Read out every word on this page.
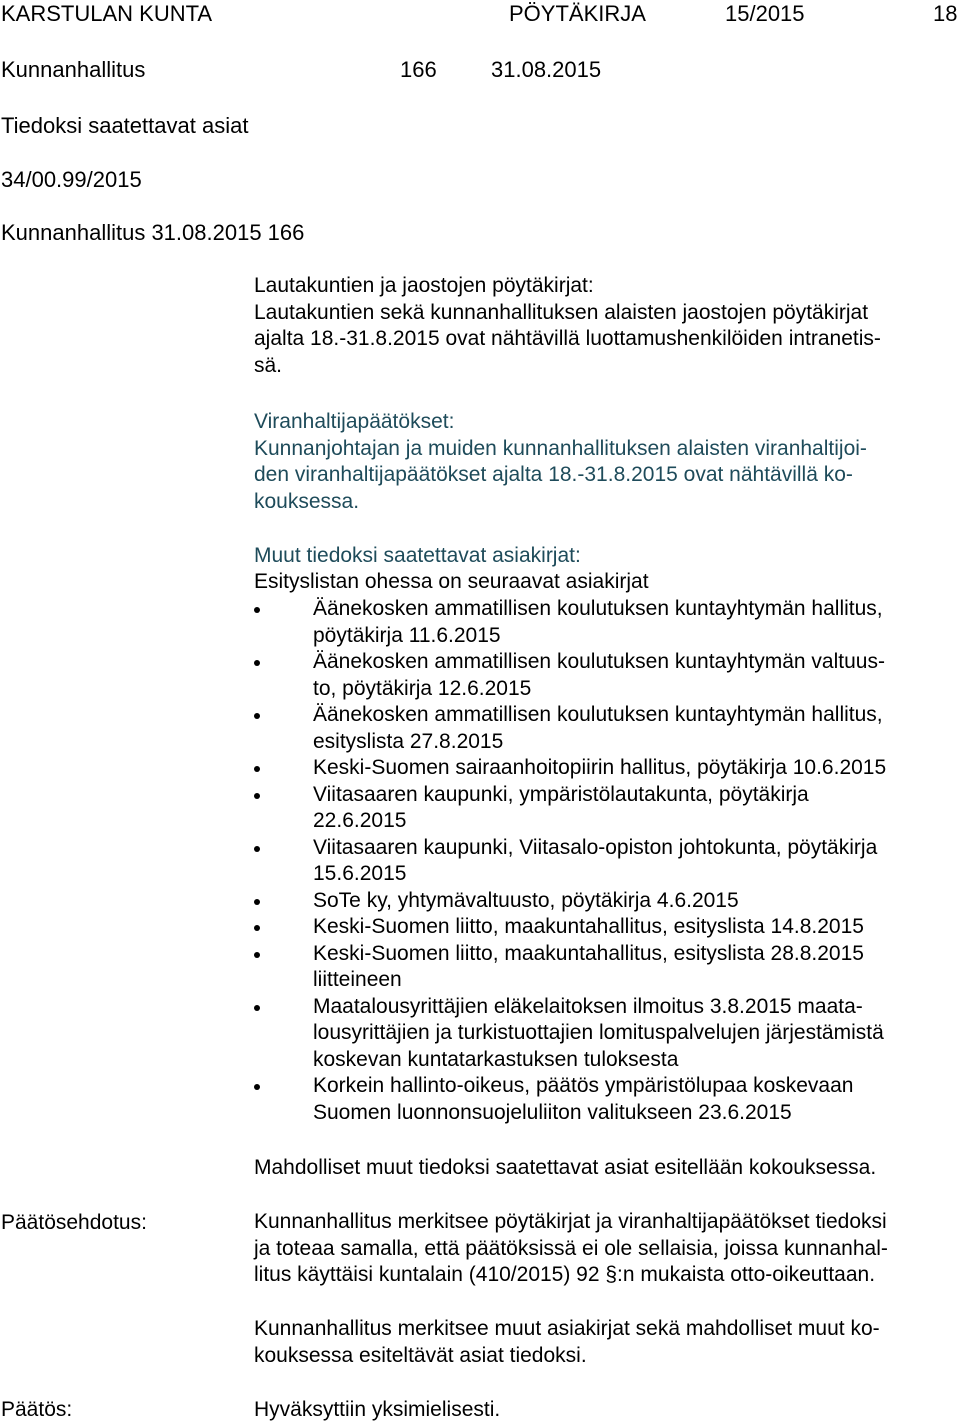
KARSTULAN KUNTA	PÖYTÄKIRJA	15/2015	18
Kunnanhallitus	166 31.08.2015
Tiedoksi saatettavat asiat
34/00.99/2015
Kunnanhallitus 31.08.2015 166
Lautakuntien ja jaostojen pöytäkirjat:
Lautakuntien sekä kunnanhallituksen alaisten jaostojen pöytäkirjat
ajalta 18.-31.8.2015 ovat nähtävillä luottamushenkilöiden intranetis-
sä.
Viranhaltijapäätökset:
Kunnanjohtajan ja muiden kunnanhallituksen alaisten viranhaltijoi-
den viranhaltijapäätökset ajalta 18.-31.8.2015 ovat nähtävillä ko-
kouksessa.
Muut tiedoksi saatettavat asiakirjat:
Esityslistan ohessa on seuraavat asiakirjat
Äänekosken ammatillisen koulutuksen kuntayhtymän hallitus,
pöytäkirja 11.6.2015
Äänekosken ammatillisen koulutuksen kuntayhtymän valtuus-
to, pöytäkirja 12.6.2015
Äänekosken ammatillisen koulutuksen kuntayhtymän hallitus,
esityslista 27.8.2015
Keski-Suomen sairaanhoitopiirin hallitus, pöytäkirja 10.6.2015
Viitasaaren kaupunki, ympäristölautakunta, pöytäkirja
22.6.2015
Viitasaaren kaupunki, Viitasalo-opiston johtokunta, pöytäkirja
15.6.2015
SoTe ky, yhtymävaltuusto, pöytäkirja 4.6.2015
Keski-Suomen liitto, maakuntahallitus, esityslista 14.8.2015
Keski-Suomen liitto, maakuntahallitus, esityslista 28.8.2015
liitteineen
Maatalousyrittäjien eläkelaitoksen ilmoitus 3.8.2015 maata-
lousyrittäjien ja turkistuottajien lomituspalvelujen järjestämistä
koskevan kuntatarkastuksen tuloksesta
Korkein hallinto-oikeus, päätös ympäristölupaa koskevaan
Suomen luonnonsuojeluliiton valitukseen 23.6.2015
Mahdolliset muut tiedoksi saatettavat asiat esitellään kokouksessa.
Päätösehdotus:	Kunnanhallitus merkitsee pöytäkirjat ja viranhaltijapäätökset tiedoksi
ja toteaa samalla, että päätöksissä ei ole sellaisia, joissa kunnanhal-
litus käyttäisi kuntalain (410/2015) 92 §:n mukaista otto-oikeuttaan.
Kunnanhallitus merkitsee muut asiakirjat sekä mahdolliset muut ko-
kouksessa esiteltävät asiat tiedoksi.
Päätös:	Hyväksyttiin yksimielisesti.
